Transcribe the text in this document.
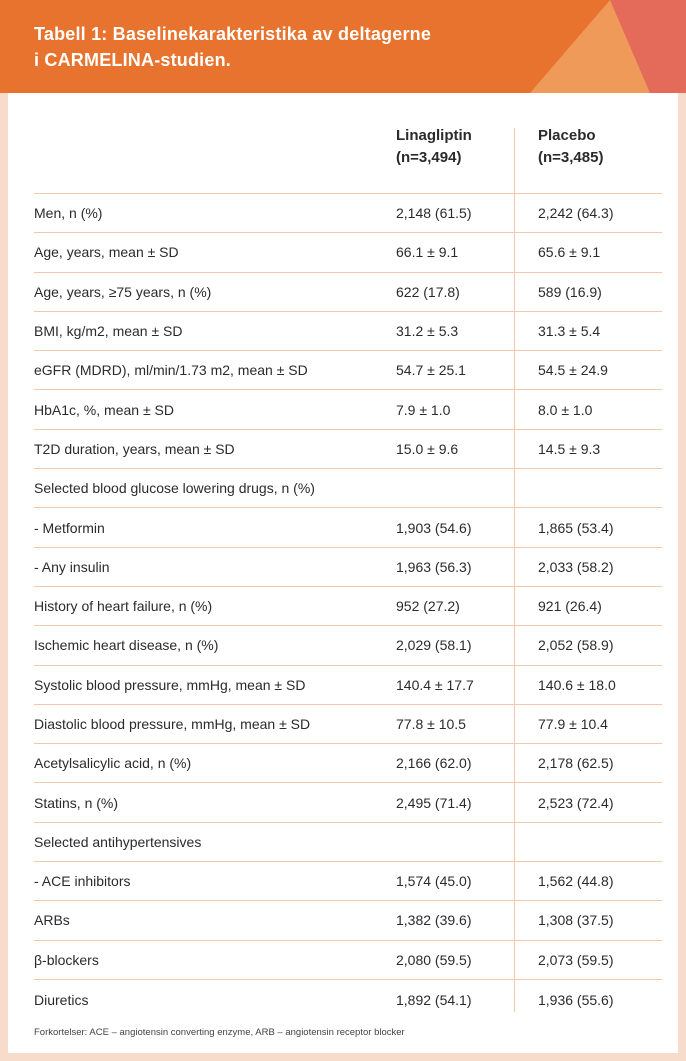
Tabell 1: Baselinekarakteristika av deltagerne
i CARMELINA-studien.
Linagliptin
(n=3,494)
Placebo
(n=3,485)
Men, n (%)	2,148 (61.5)	2,242 (64.3)
Age, years, mean ± SD	66.1 ± 9.1	65.6 ± 9.1
Age, years, ≥75 years, n (%)	622 (17.8)	589 (16.9)
BMI, kg/m2, mean ± SD	31.2 ± 5.3	31.3 ± 5.4
eGFR (MDRD), ml/min/1.73 m2, mean ± SD	54.7 ± 25.1	54.5 ± 24.9
HbA1c, %, mean ± SD	7.9 ± 1.0	8.0 ± 1.0
T2D duration, years, mean ± SD	15.0 ± 9.6	14.5 ± 9.3
Selected blood glucose lowering drugs, n (%)
- Metformin	1,903 (54.6)	1,865 (53.4)
- Any insulin	1,963 (56.3)	2,033 (58.2)
History of heart failure, n (%)	952 (27.2)	921 (26.4)
Ischemic heart disease, n (%)	2,029 (58.1)	2,052 (58.9)
Systolic blood pressure, mmHg, mean ± SD	140.4 ± 17.7	140.6 ± 18.0
Diastolic blood pressure, mmHg, mean ± SD	77.8 ± 10.5	77.9 ± 10.4
Acetylsalicylic acid, n (%)	2,166 (62.0)	2,178 (62.5)
Statins, n (%)	2,495 (71.4)	2,523 (72.4)
Selected antihypertensives
- ACE inhibitors	1,574 (45.0)	1,562 (44.8)
ARBs	1,382 (39.6)	1,308 (37.5)
β-blockers	2,080 (59.5)	2,073 (59.5)
Diuretics	1,892 (54.1)	1,936 (55.6)
Forkortelser: ACE – angiotensin converting enzyme, ARB – angiotensin receptor blocker
